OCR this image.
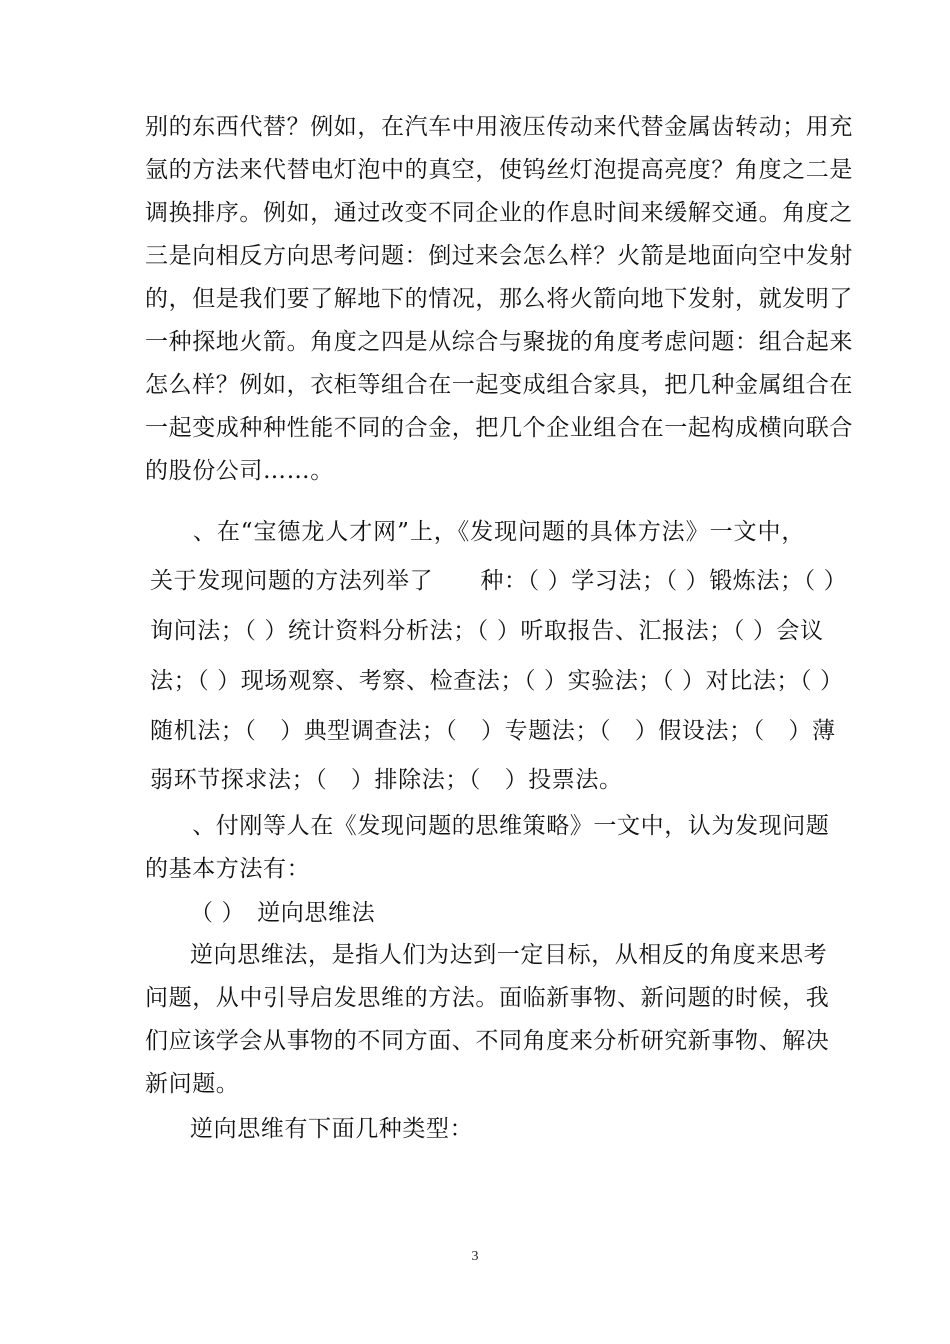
别的东西代替？例如，在汽车中用液压传动来代替金属齿转动；用充
氩的方法来代替电灯泡中的真空，使钨丝灯泡提高亮度？角度之二是
调换排序。例如，通过改变不同企业的作息时间来缓解交通。角度之
三是向相反方向思考问题：倒过来会怎么样？火箭是地面向空中发射
的，但是我们要了解地下的情况，那么将火箭向地下发射，就发明了
一种探地火箭。角度之四是从综合与聚拢的角度考虑问题：组合起来
怎么样？例如，衣柜等组合在一起变成组合家具，把几种金属组合在
一起变成种种性能不同的合金，把几个企业组合在一起构成横向联合
的股份公司……。
　　、在“宝德龙人才网”上，《发现问题的具体方法》一文中，
关于发现问题的方法列举了　　种：（ ）学习法；（ ）锻炼法；（ ）
询问法；（ ）统计资料分析法；（ ）听取报告、汇报法；（ ）会议
法；（ ）现场观察、考察、检查法；（ ）实验法；（ ）对比法；（ ）
随机法；（　）典型调查法；（　）专题法；（　）假设法；（　）薄
弱环节探求法；（　）排除法；（　）投票法。
　　、付刚等人在《发现问题的思维策略》一文中，认为发现问题
的基本方法有：
（ ）　逆向思维法
逆向思维法，是指人们为达到一定目标，从相反的角度来思考
问题，从中引导启发思维的方法。面临新事物、新问题的时候，我
们应该学会从事物的不同方面、不同角度来分析研究新事物、解决
新问题。
逆向思维有下面几种类型：
3
